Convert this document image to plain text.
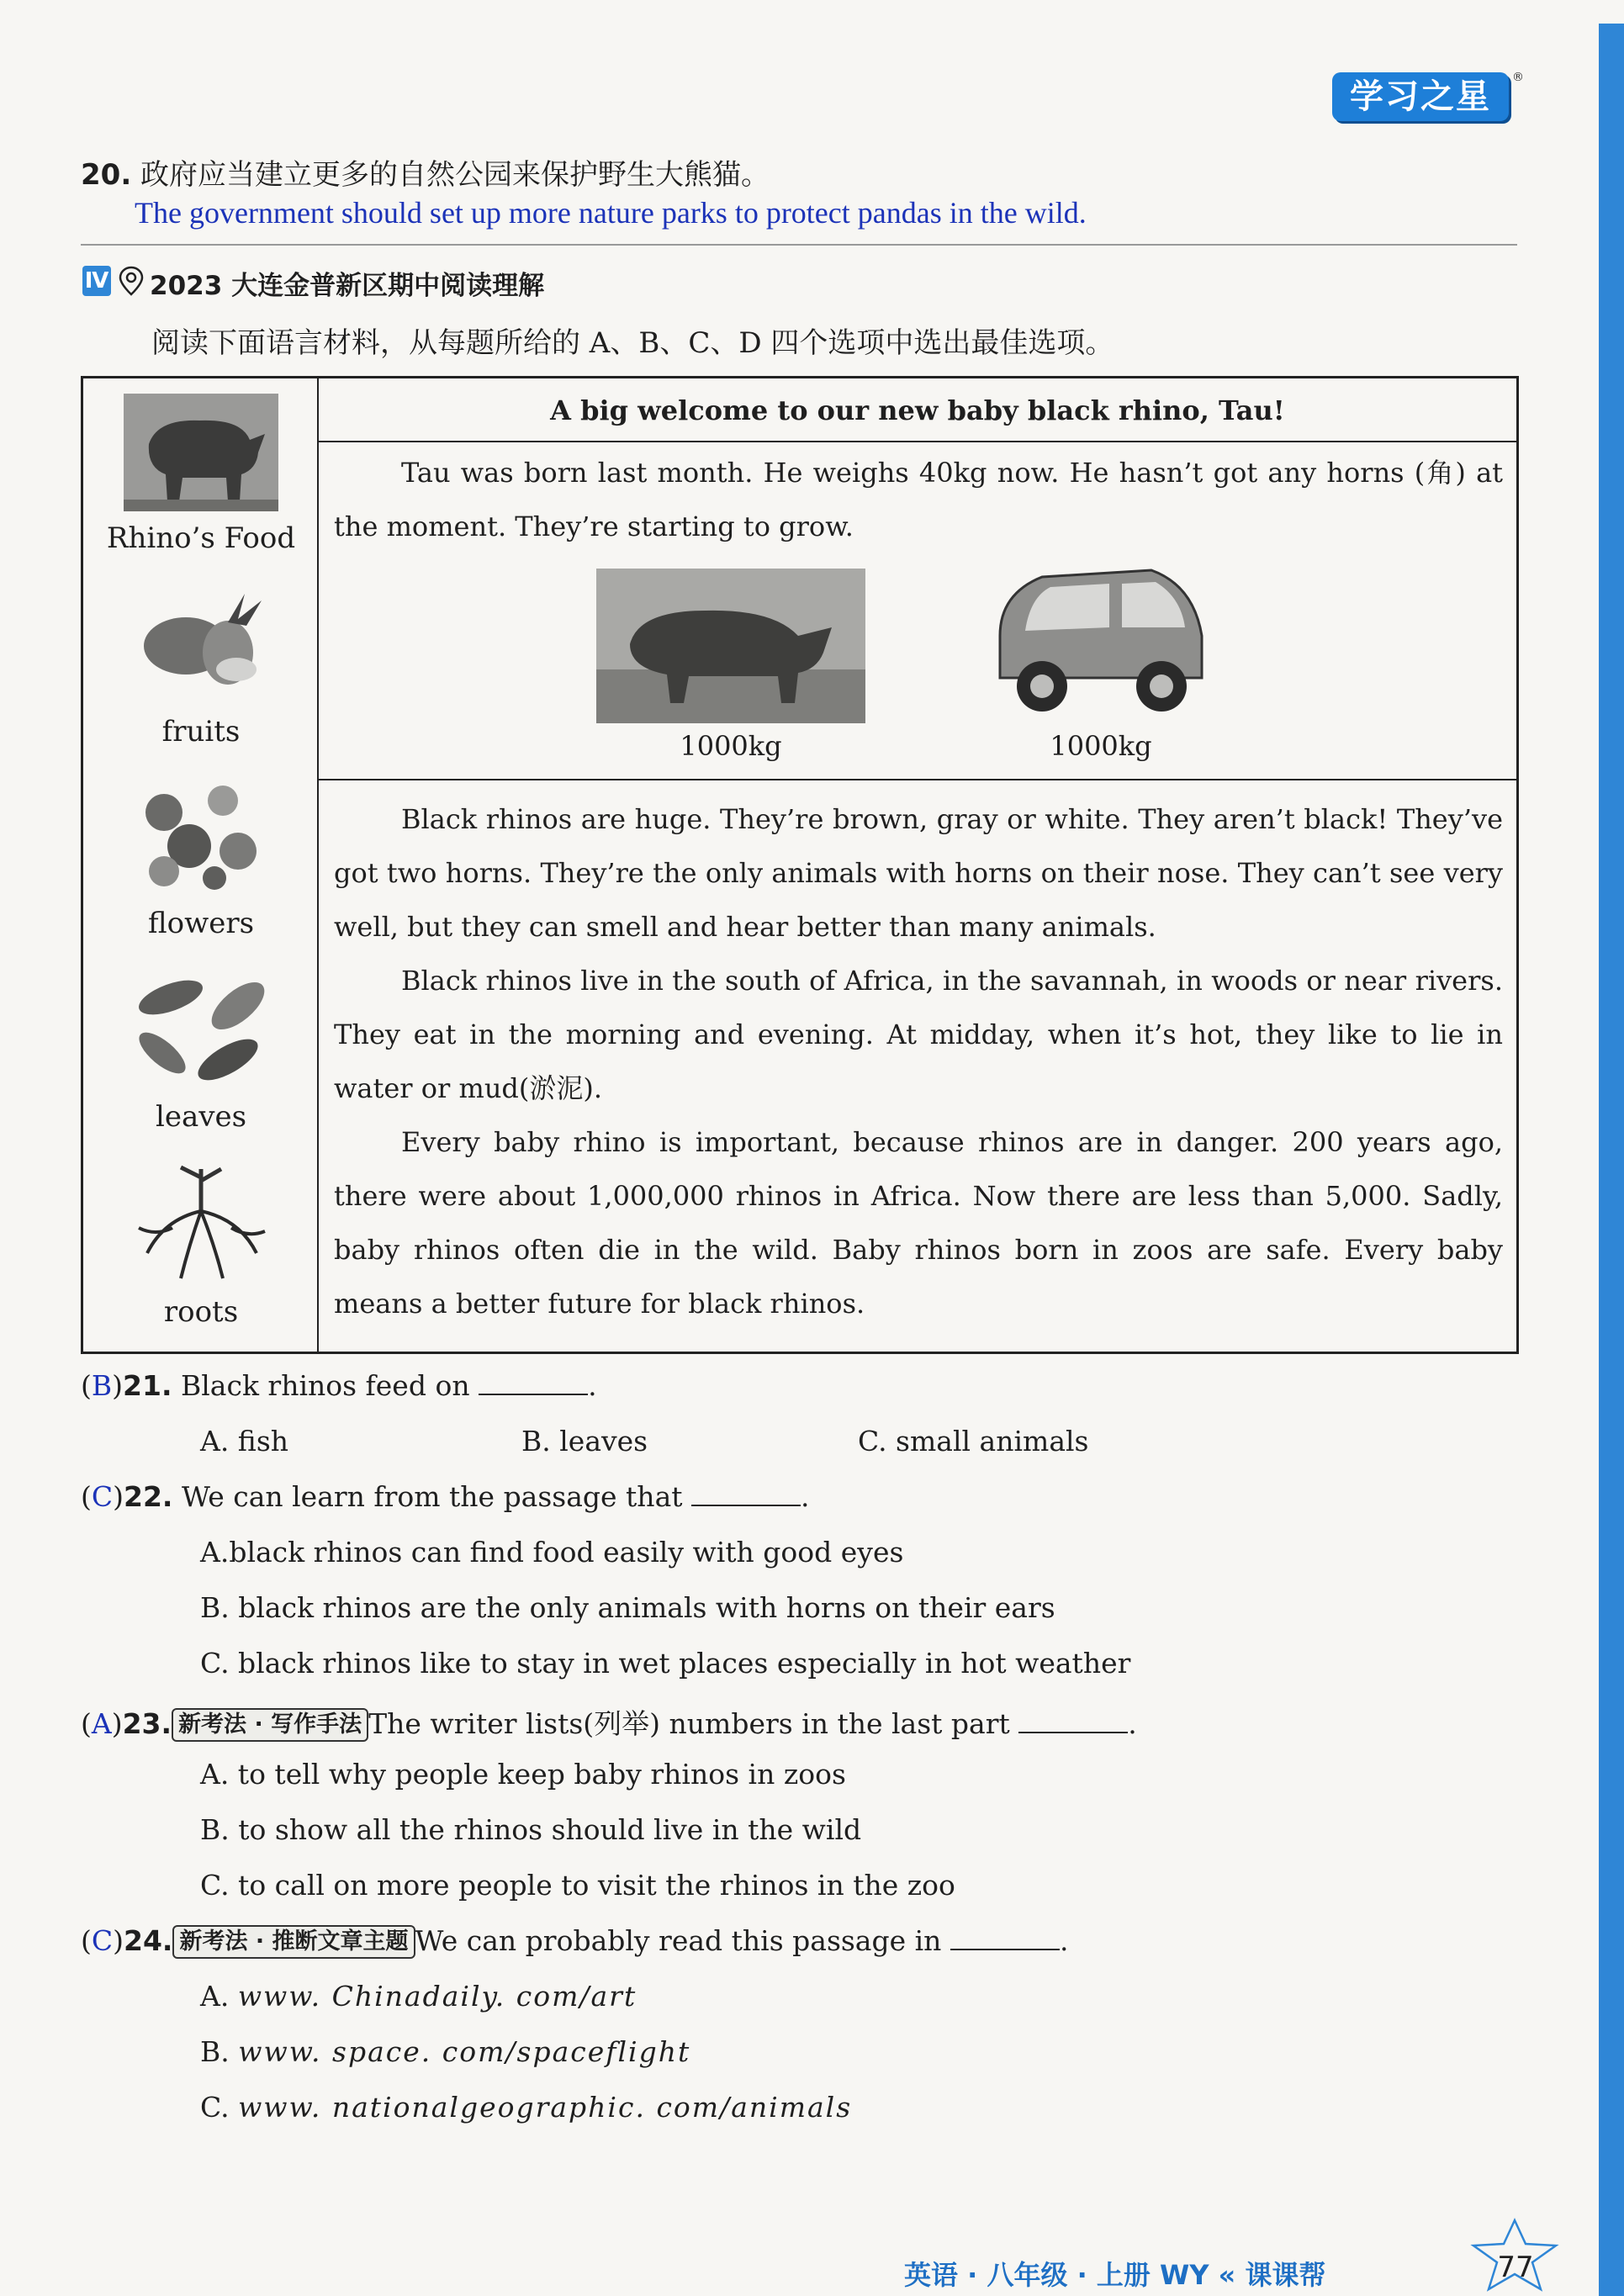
学习之星	®
20. 政府应当建立更多的自然公园来保护野生大熊猫。
The government should set up more nature parks to protect pandas in the wild.
Ⅳ 2023 大连金普新区期中阅读理解
阅读下面语言材料，从每题所给的 A、B、C、D 四个选项中选出最佳选项。
Rhino’s Food
fruits
flowers
leaves
roots
A big welcome to our new baby black rhino, Tau!
Tau was born last month. He weighs 40kg now. He hasn’t got any horns (角) at the moment. They’re starting to grow.
1000kg	1000kg
Black rhinos are huge. They’re brown, gray or white. They aren’t black! They’ve got two horns. They’re the only animals with horns on their nose. They can’t see very well, but they can smell and hear better than many animals.
Black rhinos live in the south of Africa, in the savannah, in woods or near rivers. They eat in the morning and evening. At midday, when it’s hot, they like to lie in water or mud(淤泥).
Every baby rhino is important, because rhinos are in danger. 200 years ago, there were about 1,000,000 rhinos in Africa. Now there are less than 5,000. Sadly, baby rhinos often die in the wild. Baby rhinos born in zoos are safe. Every baby means a better future for black rhinos.
(B)21. Black rhinos feed on	.
A. fish	B. leaves	C. small animals
(C)22. We can learn from the passage that	.
A.black rhinos can find food easily with good eyes
B. black rhinos are the only animals with horns on their ears
C. black rhinos like to stay in wet places especially in hot weather
(A)23. 新考法 · 写作手法 The writer lists(列举) numbers in the last part	.
A. to tell why people keep baby rhinos in zoos
B. to show all the rhinos should live in the wild
C. to call on more people to visit the rhinos in the zoo
(C)24. 新考法 · 推断文章主题 We can probably read this passage in	.
A. www. Chinadaily. com/art
B. www. space. com/spaceflight
C. www. nationalgeographic. com/animals
英语 · 八年级 · 上册 WY « 课课帮	77
